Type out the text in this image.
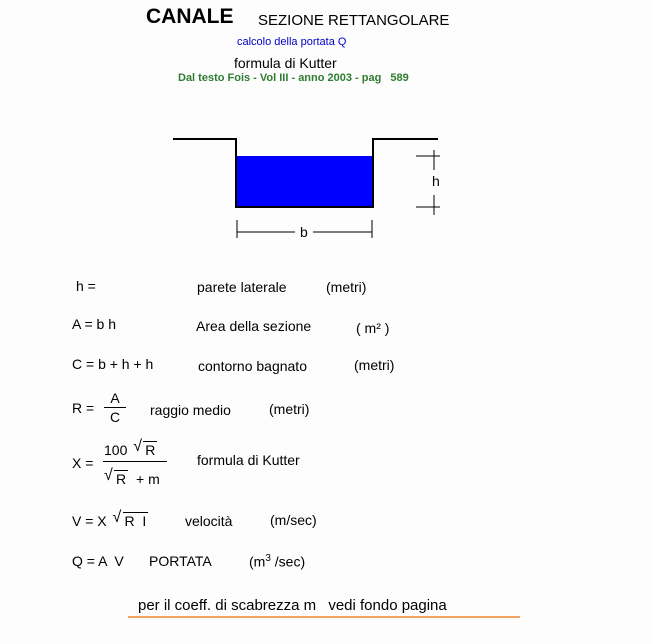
CANALE SEZIONE RETTANGOLARE
calcolo della portata Q
formula di Kutter
Dal testo Fois - Vol III - anno 2003 - pag 589
h
b
h =	parete laterale	(metri)
A = b h	Area della sezione	( m² )
C = b + h + h	contorno bagnato	(metri)
R =
A
C	raggio medio	(metri)
X =
100 √ R
√ R + m
formula di Kutter
V = X √ R  I	velocità	(m/sec)
Q = A  V PORTATA	($m^3$ /sec)
per il coeff. di scabrezza m vedi fondo pagina
